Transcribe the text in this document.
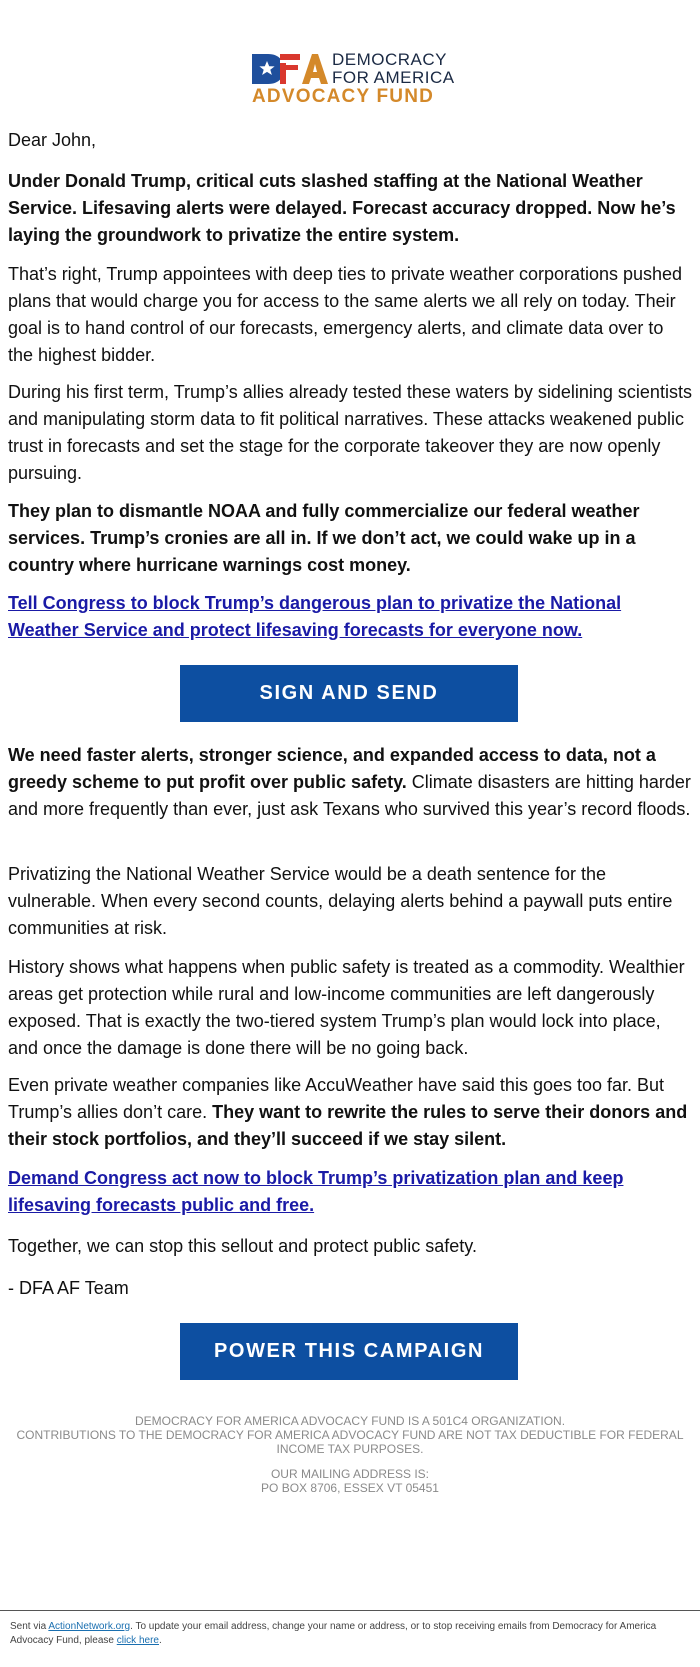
DEMOCRACY
FOR AMERICA
ADVOCACY FUND

Dear John,

Under Donald Trump, critical cuts slashed staffing at the National Weather Service. Lifesaving alerts were delayed. Forecast accuracy dropped. Now he’s laying the groundwork to privatize the entire system.

That’s right, Trump appointees with deep ties to private weather corporations pushed plans that would charge you for access to the same alerts we all rely on today. Their goal is to hand control of our forecasts, emergency alerts, and climate data over to the highest bidder.

During his first term, Trump’s allies already tested these waters by sidelining scientists and manipulating storm data to fit political narratives. These attacks weakened public trust in forecasts and set the stage for the corporate takeover they are now openly pursuing.

They plan to dismantle NOAA and fully commercialize our federal weather services. Trump’s cronies are all in. If we don’t act, we could wake up in a country where hurricane warnings cost money.

Tell Congress to block Trump’s dangerous plan to privatize the National Weather Service and protect lifesaving forecasts for everyone now.

SIGN AND SEND

We need faster alerts, stronger science, and expanded access to data, not a greedy scheme to put profit over public safety. Climate disasters are hitting harder and more frequently than ever, just ask Texans who survived this year’s record floods.

Privatizing the National Weather Service would be a death sentence for the vulnerable. When every second counts, delaying alerts behind a paywall puts entire communities at risk.

History shows what happens when public safety is treated as a commodity. Wealthier areas get protection while rural and low-income communities are left dangerously exposed. That is exactly the two-tiered system Trump’s plan would lock into place, and once the damage is done there will be no going back.

Even private weather companies like AccuWeather have said this goes too far. But Trump’s allies don’t care. They want to rewrite the rules to serve their donors and their stock portfolios, and they’ll succeed if we stay silent.

Demand Congress act now to block Trump’s privatization plan and keep lifesaving forecasts public and free.

Together, we can stop this sellout and protect public safety.

- DFA AF Team

POWER THIS CAMPAIGN
DEMOCRACY FOR AMERICA ADVOCACY FUND IS A 501C4 ORGANIZATION.
CONTRIBUTIONS TO THE DEMOCRACY FOR AMERICA ADVOCACY FUND ARE NOT TAX DEDUCTIBLE FOR FEDERAL INCOME TAX PURPOSES.
OUR MAILING ADDRESS IS:
PO BOX 8706, ESSEX VT 05451
Sent via ActionNetwork.org. To update your email address, change your name or address, or to stop receiving emails from Democracy for America Advocacy Fund, please click here.
